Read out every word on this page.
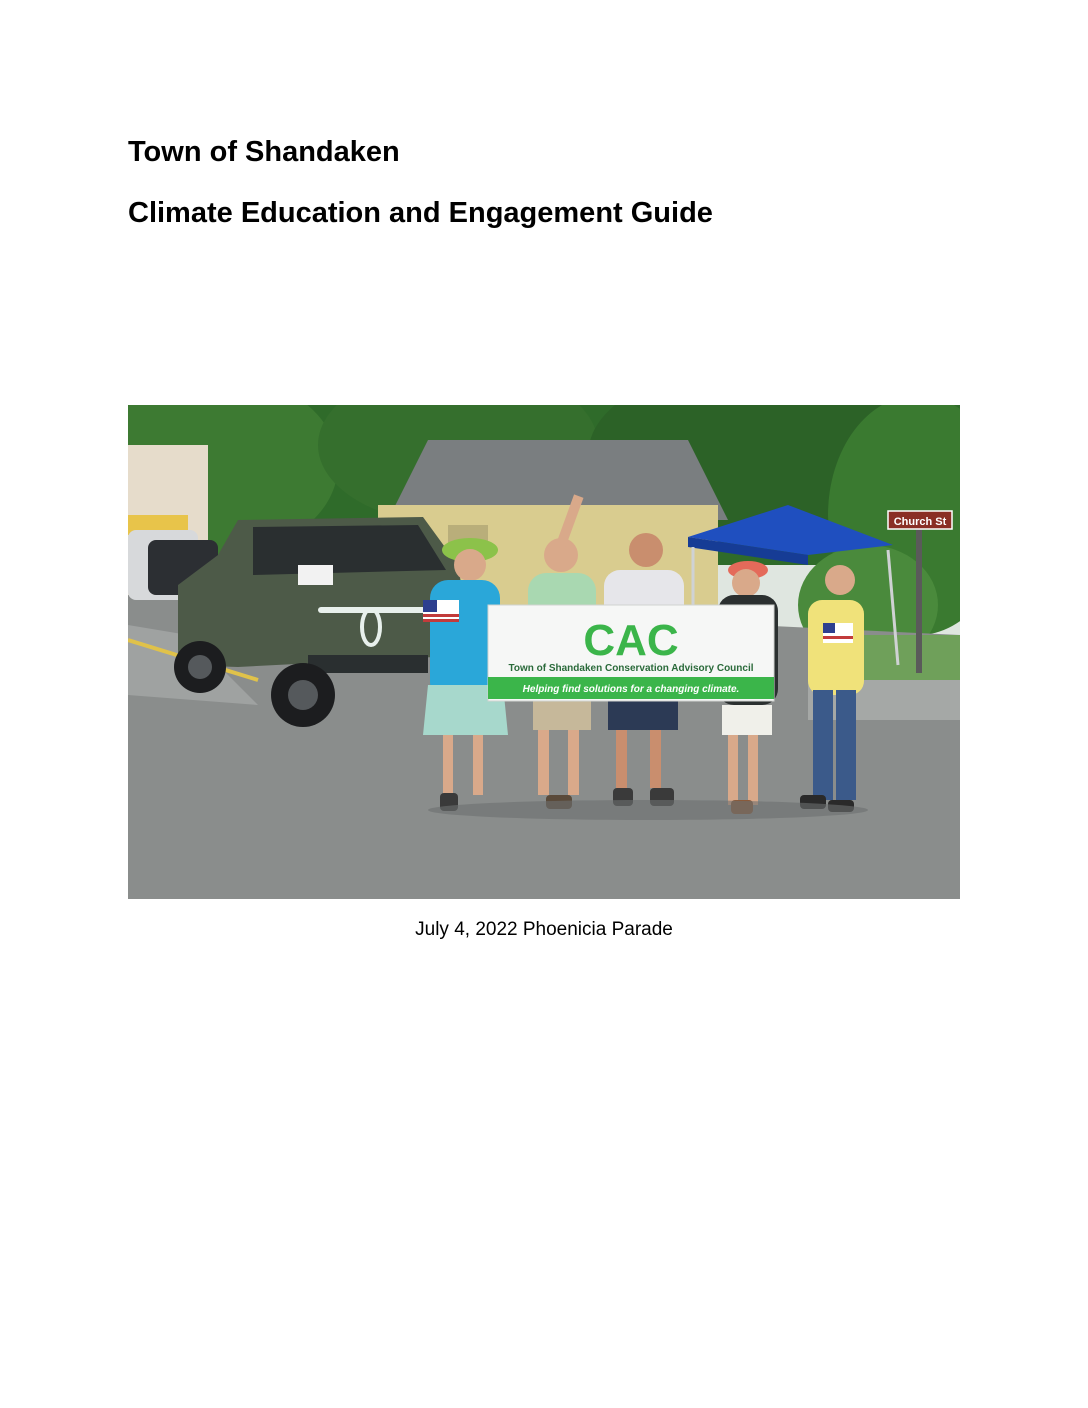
Town of Shandaken
Climate Education and Engagement Guide
Church St
CAC
Town of Shandaken Conservation Advisory Council
Helping find solutions for a changing climate.
July 4, 2022 Phoenicia Parade
